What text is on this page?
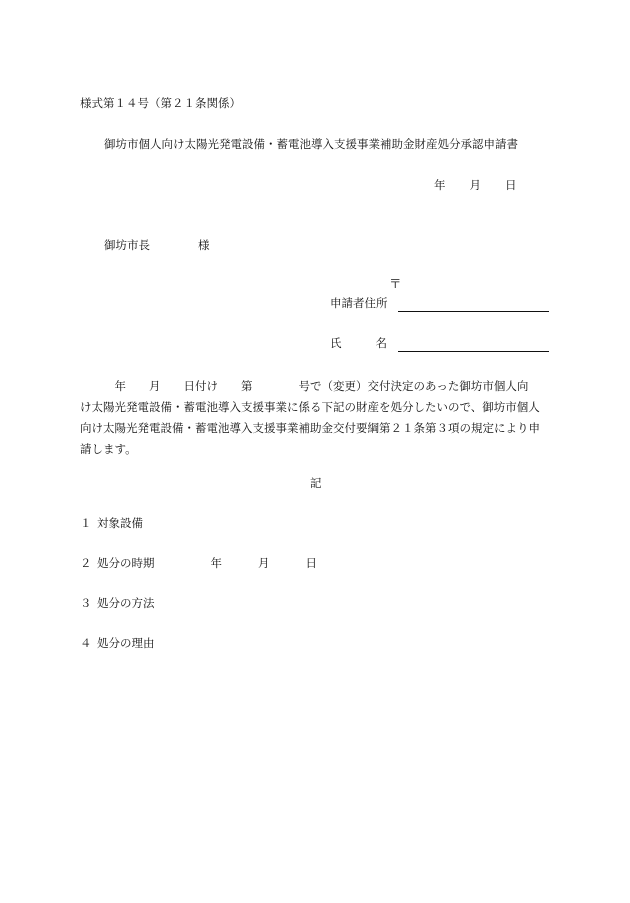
様式第１４号（第２１条関係）
御坊市個人向け太陽光発電設備・蓄電池導入支援事業補助金財産処分承認申請書
年 月 日
御坊市長	様
〒
申請者住所
氏	名
　　　年　　月　　日付け　　第　　　　号で（変更）交付決定のあった御坊市個人向
け太陽光発電設備・蓄電池導入支援事業に係る下記の財産を処分したいので、御坊市個人
向け太陽光発電設備・蓄電池導入支援事業補助金交付要綱第２１条第３項の規定により申
請します。
記
１ 対象設備
２ 処分の時期	年	月	日
３ 処分の方法
４ 処分の理由
